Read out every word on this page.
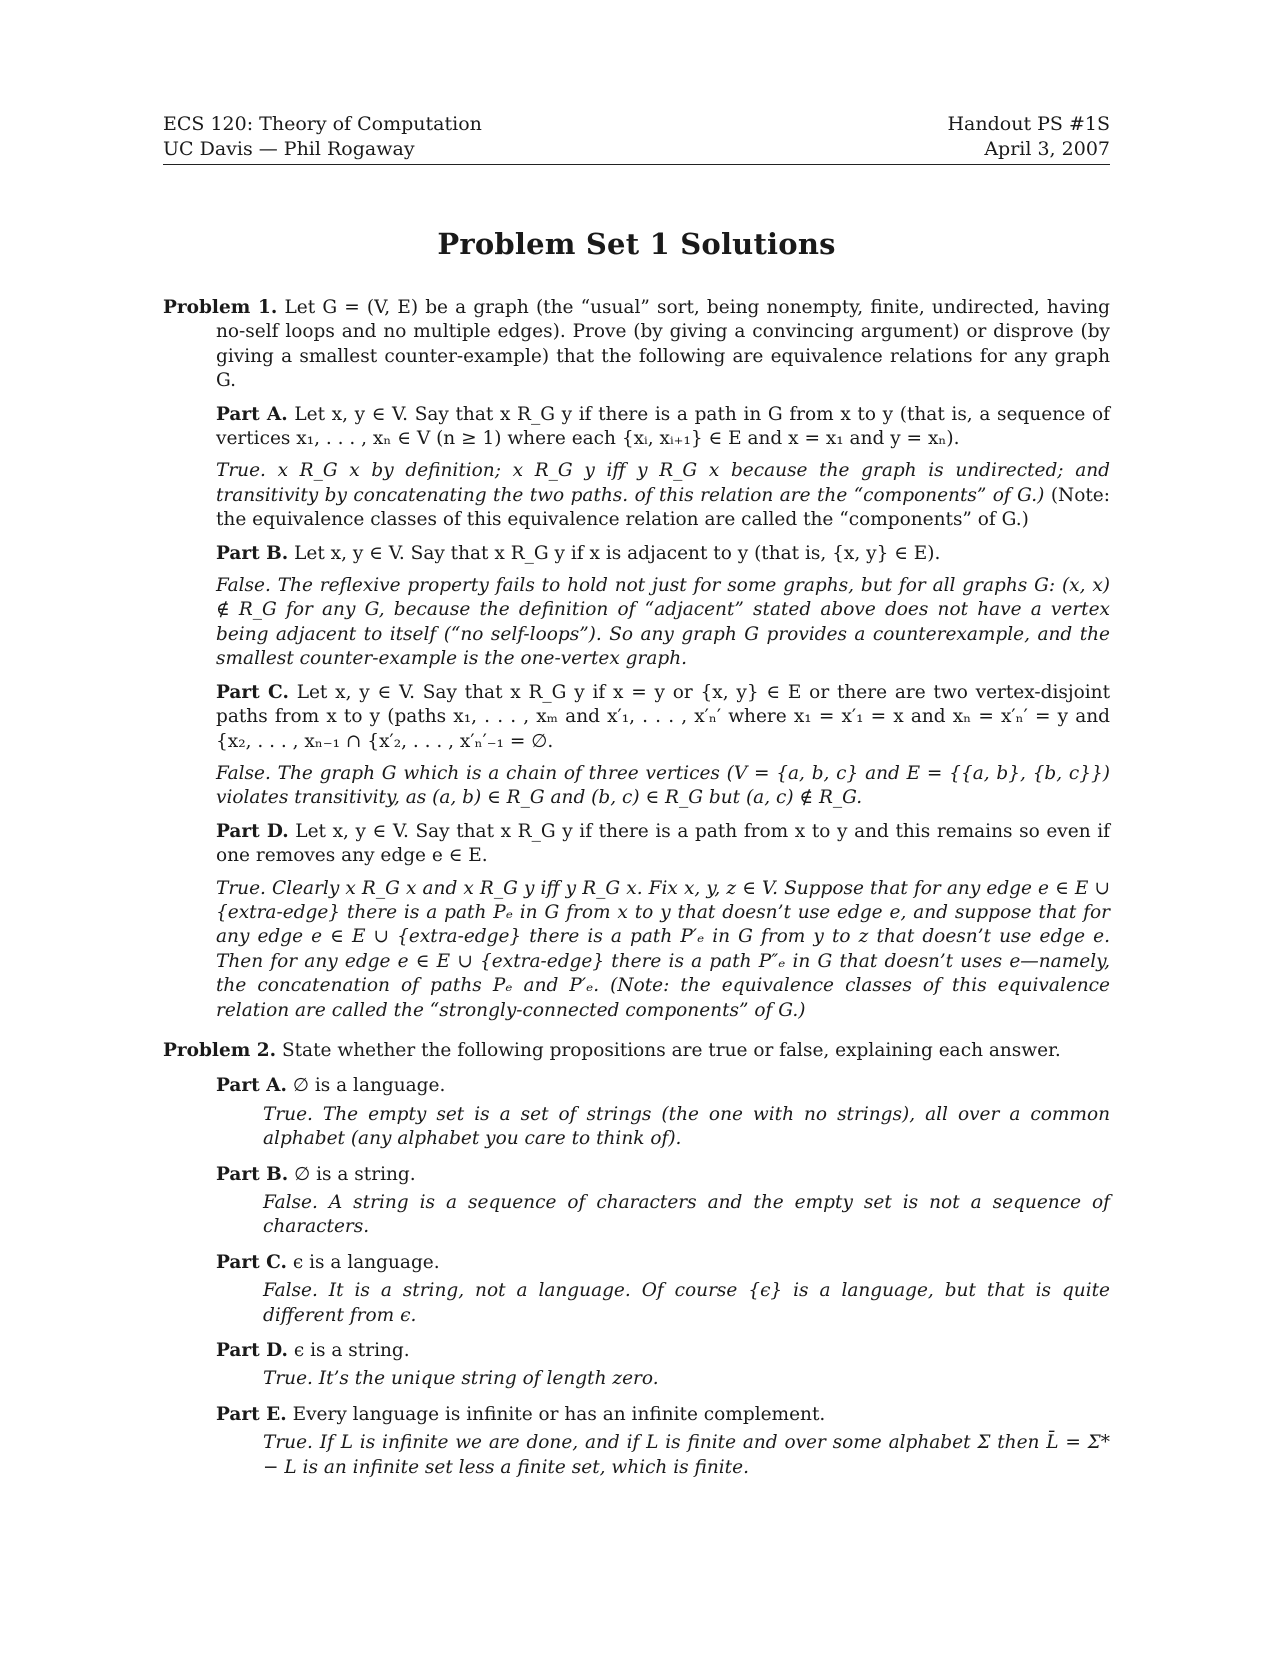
ECS 120: Theory of Computation
UC Davis — Phil Rogaway
Handout PS #1S
April 3, 2007
Problem Set 1 Solutions

Problem 1. Let G = (V, E) be a graph (the “usual” sort, being nonempty, finite, undirected, having no-self loops and no multiple edges). Prove (by giving a convincing argument) or disprove (by giving a smallest counter-example) that the following are equivalence relations for any graph G.

Part A. Let x, y ∈ V. Say that x R_G y if there is a path in G from x to y (that is, a sequence of vertices x₁, . . . , xₙ ∈ V (n ≥ 1) where each {xᵢ, xᵢ₊₁} ∈ E and x = x₁ and y = xₙ).

True. x R_G x by definition; x R_G y iff y R_G x because the graph is undirected; and transitivity by concatenating the two paths. of this relation are the “components” of G.) (Note: the equivalence classes of this equivalence relation are called the “components” of G.)

Part B. Let x, y ∈ V. Say that x R_G y if x is adjacent to y (that is, {x, y} ∈ E).

False. The reflexive property fails to hold not just for some graphs, but for all graphs G: (x, x) ∉ R_G for any G, because the definition of “adjacent” stated above does not have a vertex being adjacent to itself (“no self-loops”). So any graph G provides a counterexample, and the smallest counter-example is the one-vertex graph.

Part C. Let x, y ∈ V. Say that x R_G y if x = y or {x, y} ∈ E or there are two vertex-disjoint paths from x to y (paths x₁, . . . , xₘ and x′₁, . . . , x′ₙ′ where x₁ = x′₁ = x and xₙ = x′ₙ′ = y and {x₂, . . . , xₙ₋₁ ∩ {x′₂, . . . , x′ₙ′₋₁ = ∅.

False. The graph G which is a chain of three vertices (V = {a, b, c} and E = {{a, b}, {b, c}}) violates transitivity, as (a, b) ∈ R_G and (b, c) ∈ R_G but (a, c) ∉ R_G.

Part D. Let x, y ∈ V. Say that x R_G y if there is a path from x to y and this remains so even if one removes any edge e ∈ E.

True. Clearly x R_G x and x R_G y iff y R_G x. Fix x, y, z ∈ V. Suppose that for any edge e ∈ E ∪ {extra-edge} there is a path Pₑ in G from x to y that doesn’t use edge e, and suppose that for any edge e ∈ E ∪ {extra-edge} there is a path P′ₑ in G from y to z that doesn’t use edge e. Then for any edge e ∈ E ∪ {extra-edge} there is a path P″ₑ in G that doesn’t uses e—namely, the concatenation of paths Pₑ and P′ₑ. (Note: the equivalence classes of this equivalence relation are called the “strongly-connected components” of G.)

Problem 2. State whether the following propositions are true or false, explaining each answer.

Part A. ∅ is a language.

True. The empty set is a set of strings (the one with no strings), all over a common alphabet (any alphabet you care to think of).

Part B. ∅ is a string.

False. A string is a sequence of characters and the empty set is not a sequence of characters.

Part C. ϵ is a language.

False. It is a string, not a language. Of course {ϵ} is a language, but that is quite different from ϵ.

Part D. ϵ is a string.

True. It’s the unique string of length zero.

Part E. Every language is infinite or has an infinite complement.

True. If L is infinite we are done, and if L is finite and over some alphabet Σ then L̄ = Σ* − L is an infinite set less a finite set, which is finite.
